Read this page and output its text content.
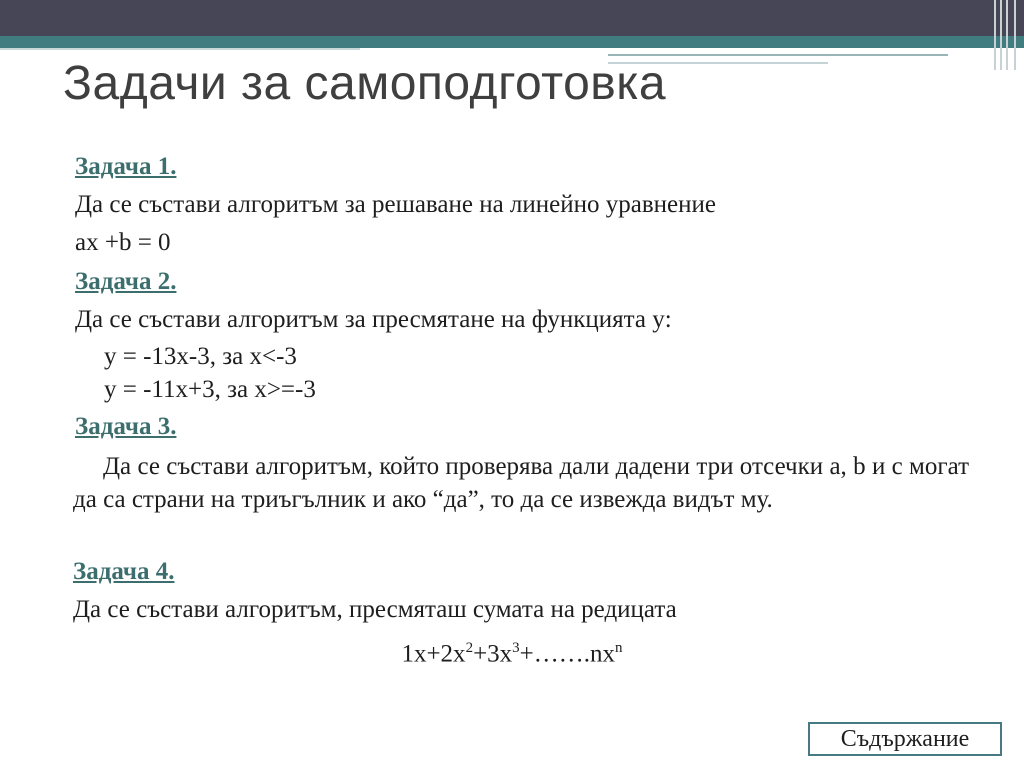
Задачи за самоподготовка
Задача 1.
Да се състави алгоритъм за решаване на линейно уравнение
ax +b = 0
Задача 2.
Да се състави алгоритъм за пресмятане на функцията y:
y = -13x-3, за x<-3
y = -11x+3, за x>=-3
Задача 3.
Да се състави алгоритъм, който проверява дали дадени три отсечки a, b и c могат да са страни на триъгълник и ако “да”, то да се извежда видът му.
Задача 4.
Да се състави алгоритъм, пресмяташ сумата на редицата
$1x+2x^2+3x^3+\dots\dots.nx^n$
Съдържание
